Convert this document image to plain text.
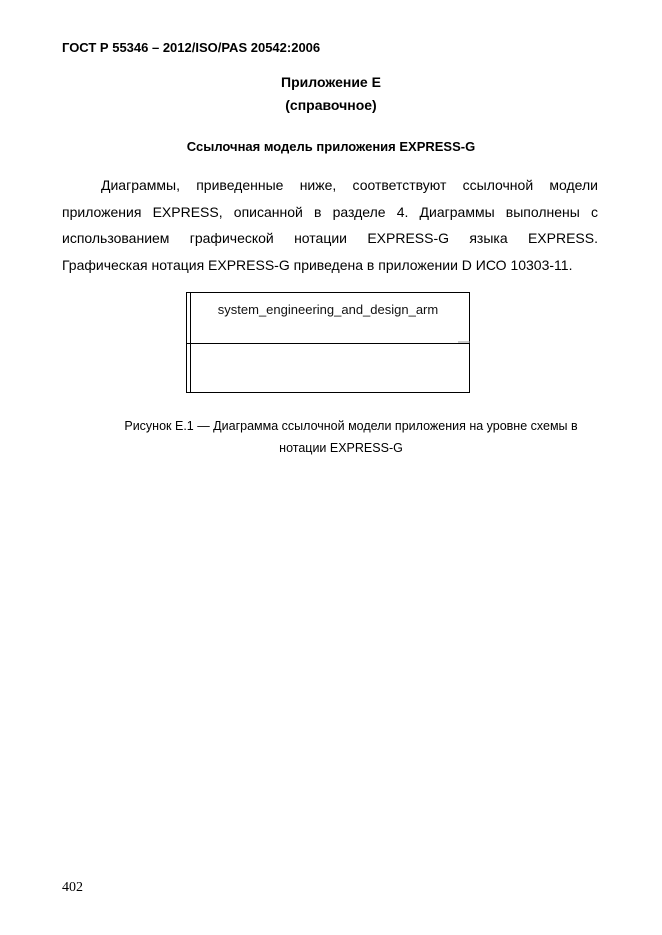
ГОСТ Р 55346 – 2012/ISO/PAS 20542:2006
Приложение Е
(справочное)
Ссылочная модель приложения EXPRESS-G

Диаграммы, приведенные ниже, соответствуют ссылочной модели приложения EXPRESS, описанной в разделе 4. Диаграммы выполнены с использованием графической нотации EXPRESS-G языка EXPRESS. Графическая нотация EXPRESS-G приведена в приложении D ИСО 10303-11.

system_engineering_and_design_arm
Рисунок Е.1 — Диаграмма ссылочной модели приложения на уровне схемы в
нотации EXPRESS-G
402
